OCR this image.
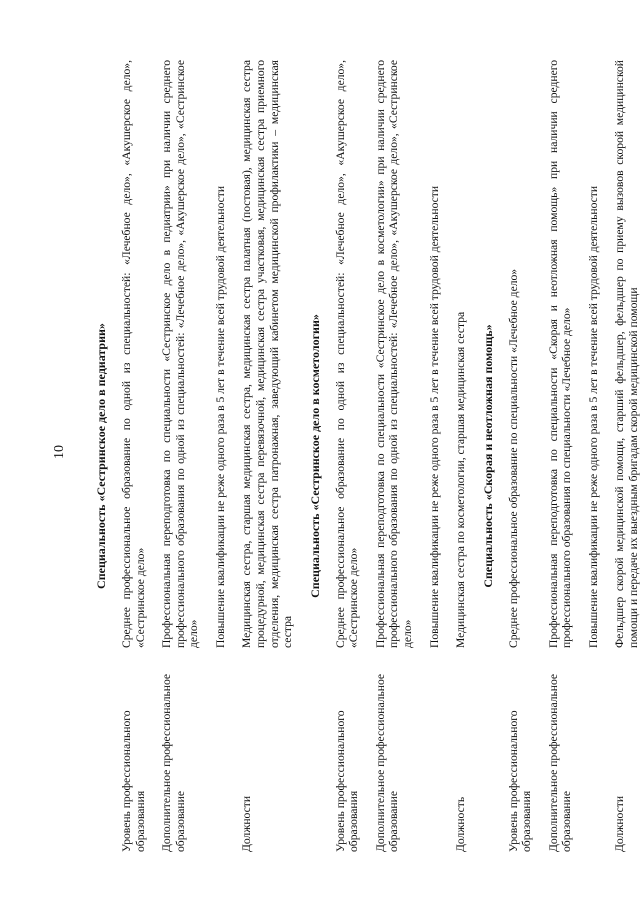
10 Специальность «Сестринское дело в педиатрии»	
Уровень профессионального образования	Среднее профессиональное образование по одной из специальностей: «Лечебное дело», «Акушерское дело», «Сестринское дело»
Дополнительное профессиональное образование	Профессиональная переподготовка по специальности «Сестринское дело в педиатрии» при наличии среднего профессионального образования по одной из специальностей: «Лечебное дело», «Акушерское дело», «Сестринское дело»
	Повышение квалификации не реже одного раза в 5 лет в течение всей трудовой деятельности
Должности	Медицинская сестра, старшая медицинская сестра, медицинская сестра палатная (постовая), медицинская сестра процедурной, медицинская сестра перевязочной, медицинская сестра участковая, медицинская сестра приемного отделения, медицинская сестра патронажная, заведующий кабинетом медицинской профилактики – медицинская сестра
Специальность «Сестринское дело в косметологии»	
Уровень профессионального образования	Среднее профессиональное образование по одной из специальностей: «Лечебное дело», «Акушерское дело», «Сестринское дело»
Дополнительное профессиональное образование	Профессиональная переподготовка по специальности «Сестринское дело в косметологии» при наличии среднего профессионального образования по одной из специальностей: «Лечебное дело», «Акушерское дело», «Сестринское дело»
	Повышение квалификации не реже одного раза в 5 лет в течение всей трудовой деятельности
Должность	Медицинская сестра по косметологии, старшая медицинская сестра
Специальность «Скорая и неотложная помощь»	
Уровень профессионального образования	Среднее профессиональное образование по специальности «Лечебное дело»
Дополнительное профессиональное образование	Профессиональная переподготовка по специальности «Скорая и неотложная помощь» при наличии среднего профессионального образования по специальности «Лечебное дело»
	Повышение квалификации не реже одного раза в 5 лет в течение всей трудовой деятельности
Должности	Фельдшер скорой медицинской помощи, старший фельдшер, фельдшер по приему вызовов скорой медицинской помощи и передаче их выездным бригадам скорой медицинской помощи
